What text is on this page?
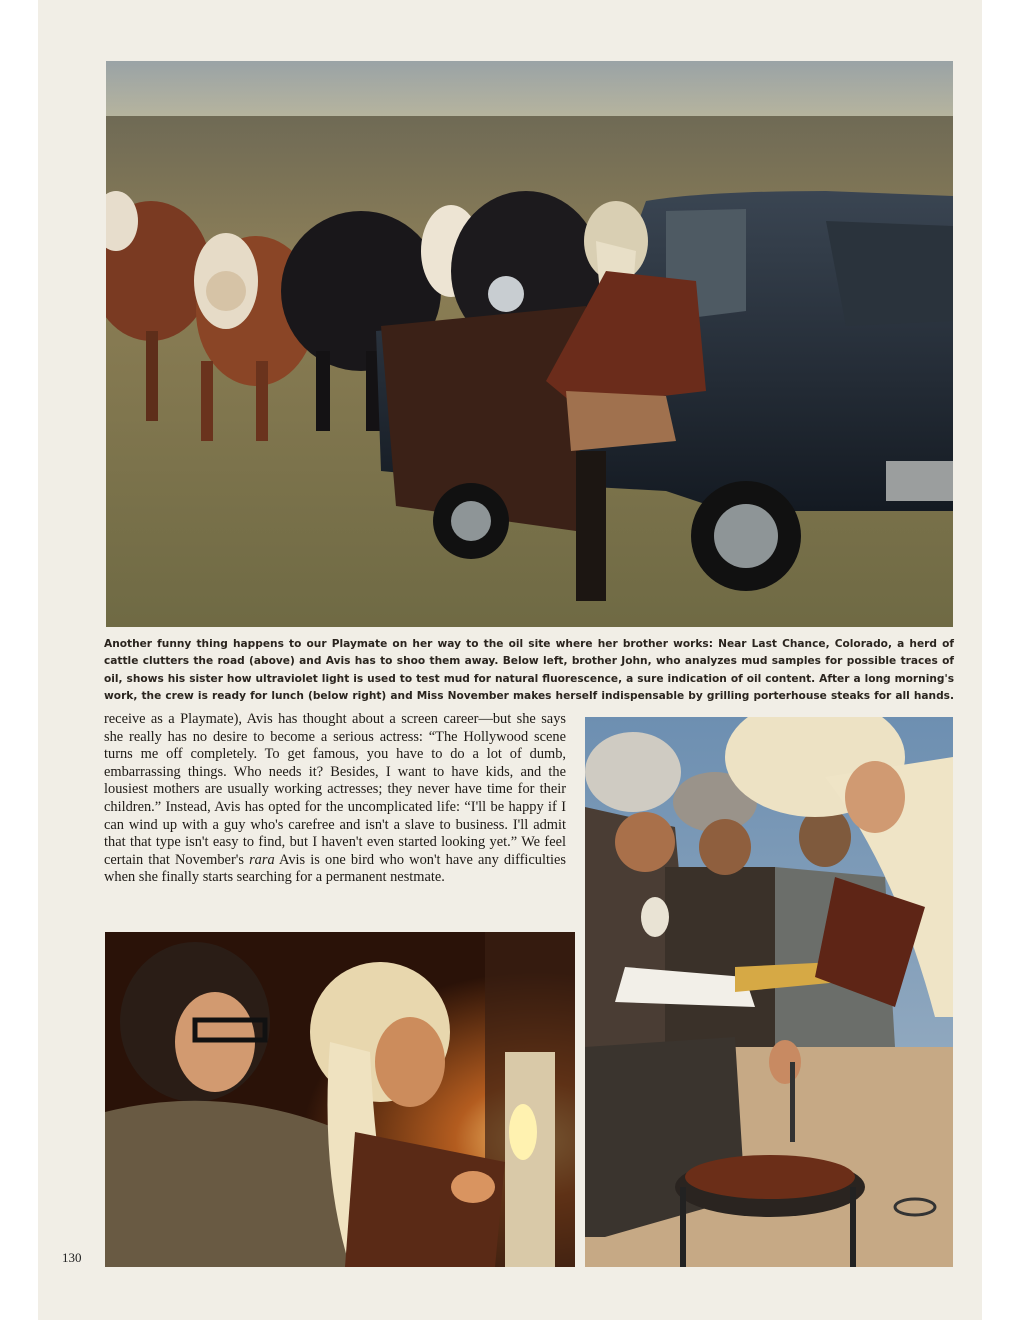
Another funny thing happens to our Playmate on her way to the oil site where her brother works: Near Last Chance, Colorado, a herd of cattle clutters the road (above) and Avis has to shoo them away. Below left, brother John, who analyzes mud samples for possible traces of oil, shows his sister how ultraviolet light is used to test mud for natural fluorescence, a sure indication of oil content. After a long morning's work, the crew is ready for lunch (below right) and Miss November makes herself indispensable by grilling porterhouse steaks for all hands.

receive as a Playmate), Avis has thought about a screen career—but she says she really has no desire to become a serious actress: “The Hollywood scene turns me off completely. To get famous, you have to do a lot of dumb, embarrassing things. Who needs it? Besides, I want to have kids, and the lousiest mothers are usually working actresses; they never have time for their children.” Instead, Avis has opted for the uncomplicated life: “I'll be happy if I can wind up with a guy who's carefree and isn't a slave to business. I'll admit that that type isn't easy to find, but I haven't even started looking yet.” We feel certain that November's rara Avis is one bird who won't have any difficulties when she finally starts searching for a permanent nestmate.

130
